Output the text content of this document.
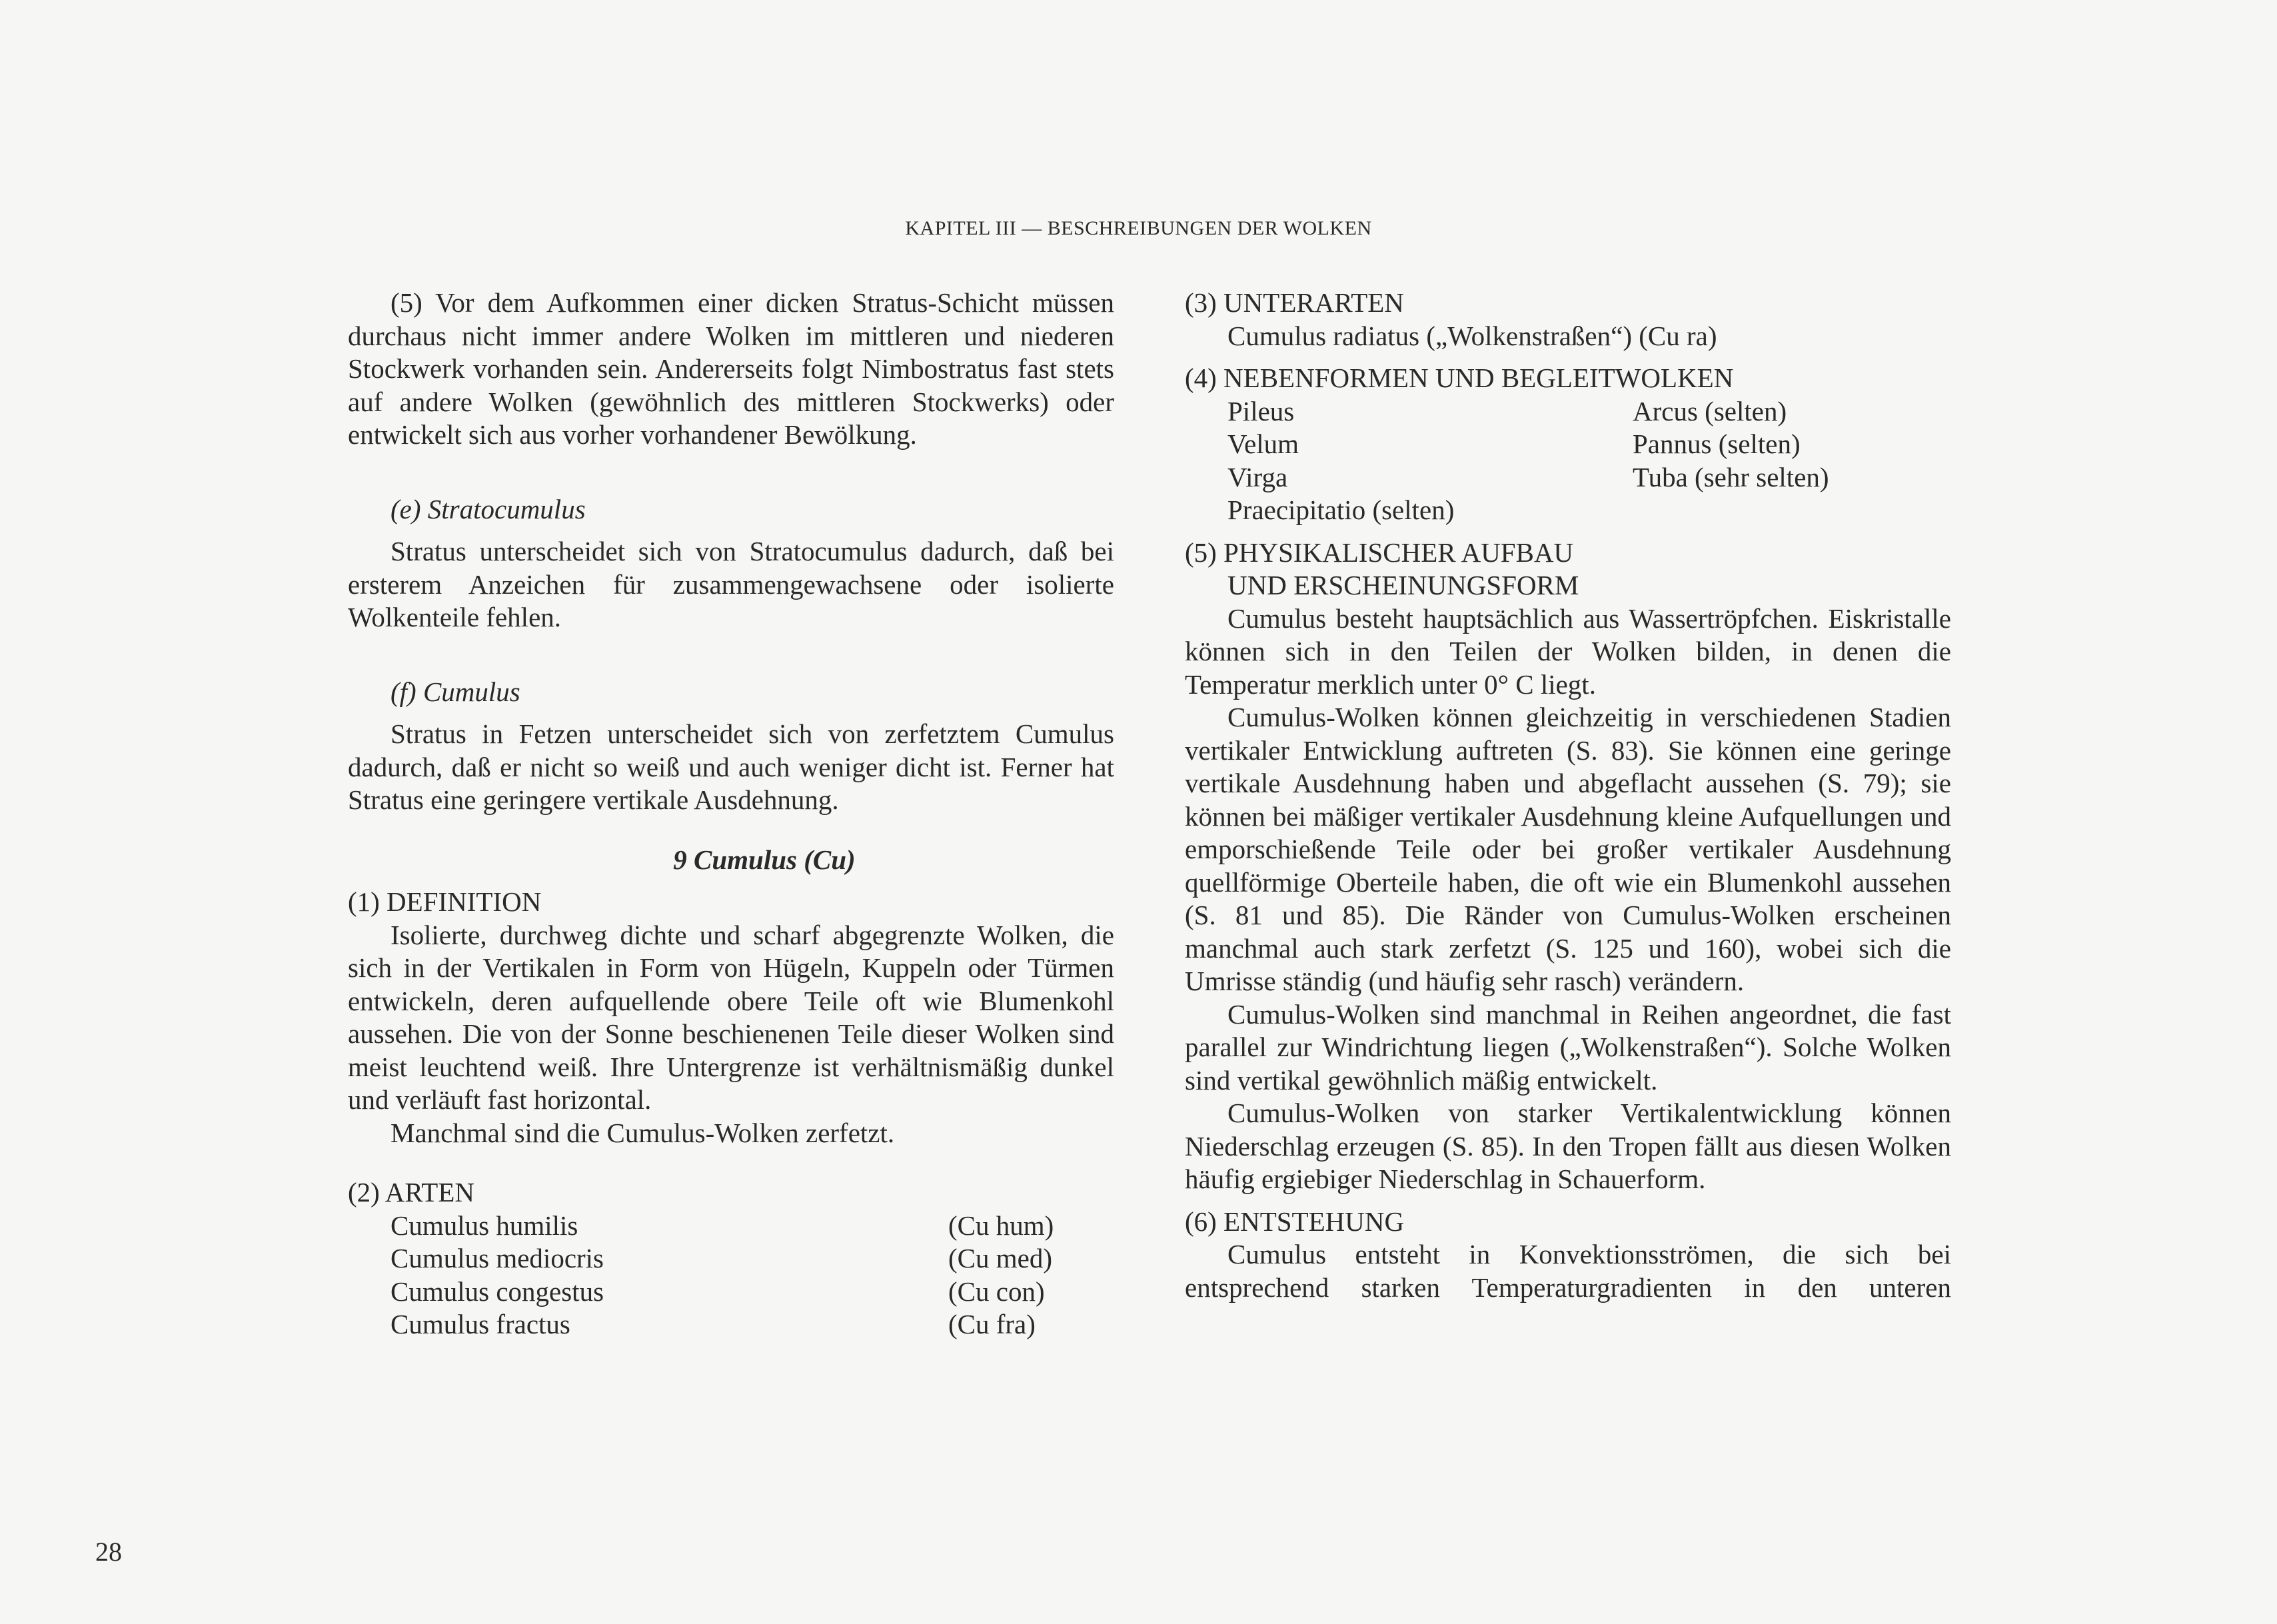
KAPITEL III — BESCHREIBUNGEN DER WOLKEN

(5) Vor dem Aufkommen einer dicken Stratus-Schicht müssen durchaus nicht immer andere Wolken im mittleren und niederen Stockwerk vorhanden sein. Andererseits folgt Nimbostratus fast stets auf andere Wolken (gewöhnlich des mittleren Stockwerks) oder entwickelt sich aus vorher vorhandener Bewölkung.

(e) Stratocumulus

Stratus unterscheidet sich von Stratocumulus dadurch, daß bei ersterem Anzeichen für zusammengewachsene oder isolierte Wolkenteile fehlen.

(f) Cumulus

Stratus in Fetzen unterscheidet sich von zerfetztem Cumulus dadurch, daß er nicht so weiß und auch weniger dicht ist. Ferner hat Stratus eine geringere vertikale Ausdehnung.

9 Cumulus (Cu)
(1) DEFINITION

Isolierte, durchweg dichte und scharf abgegrenzte Wolken, die sich in der Vertikalen in Form von Hügeln, Kuppeln oder Türmen entwickeln, deren aufquellende obere Teile oft wie Blumenkohl aussehen. Die von der Sonne beschienenen Teile dieser Wolken sind meist leuchtend weiß. Ihre Untergrenze ist verhältnismäßig dunkel und verläuft fast horizontal.

Manchmal sind die Cumulus-Wolken zerfetzt.

(2) ARTEN
Cumulus humilis	(Cu hum)
Cumulus mediocris	(Cu med)
Cumulus congestus	(Cu con)
Cumulus fractus	(Cu fra)
(3) UNTERARTEN
Cumulus radiatus („Wolkenstraßen“) (Cu ra)
(4) NEBENFORMEN UND BEGLEITWOLKEN
Pileus	Arcus (selten)
Velum	Pannus (selten)
Virga	Tuba (sehr selten)
Praecipitatio (selten)
(5) PHYSIKALISCHER AUFBAU
UND ERSCHEINUNGSFORM

Cumulus besteht hauptsächlich aus Wassertröpfchen. Eiskristalle können sich in den Teilen der Wolken bilden, in denen die Temperatur merklich unter 0° C liegt.

Cumulus-Wolken können gleichzeitig in verschiedenen Stadien vertikaler Entwicklung auftreten (S. 83). Sie können eine geringe vertikale Ausdehnung haben und abgeflacht aussehen (S. 79); sie können bei mäßiger vertikaler Ausdehnung kleine Aufquellungen und emporschießende Teile oder bei großer vertikaler Ausdehnung quellförmige Oberteile haben, die oft wie ein Blumenkohl aussehen (S. 81 und 85). Die Ränder von Cumulus-Wolken erscheinen manchmal auch stark zerfetzt (S. 125 und 160), wobei sich die Umrisse ständig (und häufig sehr rasch) verändern.

Cumulus-Wolken sind manchmal in Reihen angeordnet, die fast parallel zur Windrichtung liegen („Wolkenstraßen“). Solche Wolken sind vertikal gewöhnlich mäßig entwickelt.

Cumulus-Wolken von starker Vertikalentwicklung können Niederschlag erzeugen (S. 85). In den Tropen fällt aus diesen Wolken häufig ergiebiger Niederschlag in Schauerform.

(6) ENTSTEHUNG

Cumulus entsteht in Konvektionsströmen, die sich bei entsprechend starken Temperaturgradienten in den unteren

28
